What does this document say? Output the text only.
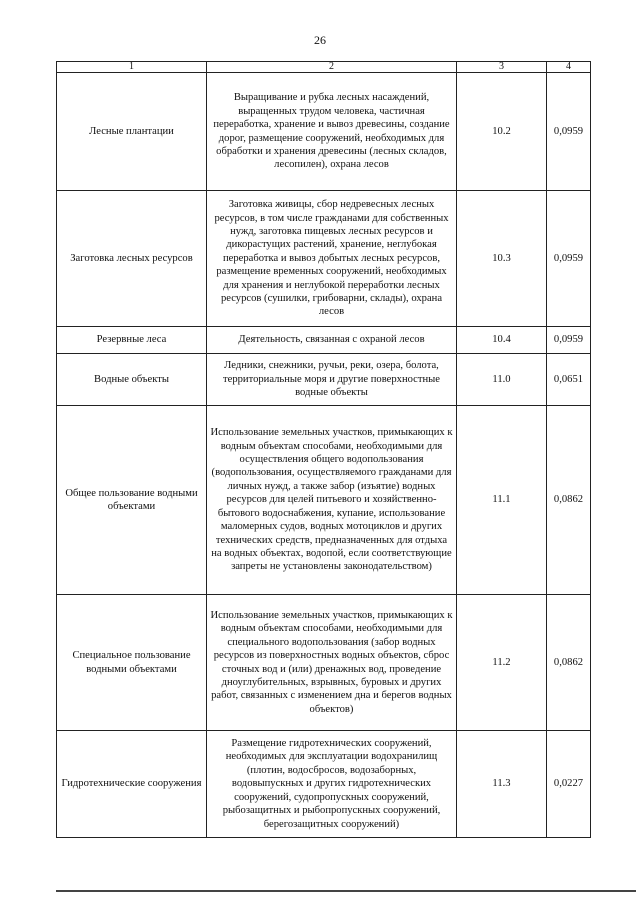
26
1	2	3	4
Лесные плантации	Выращивание и рубка лесных насаждений, выращенных трудом человека, частичная переработка, хранение и вывоз древесины, создание дорог, размещение сооружений, необходимых для обработки и хранения древесины (лесных складов, лесопилен), охрана лесов	10.2	0,0959
Заготовка лесных ресурсов	Заготовка живицы, сбор недревесных лесных ресурсов, в том числе гражданами для собственных нужд, заготовка пищевых лесных ресурсов и дикорастущих растений, хранение, неглубокая переработка и вывоз добытых лесных ресурсов, размещение временных сооружений, необходимых для хранения и неглубокой переработки лесных ресурсов (сушилки, грибоварни, склады), охрана лесов	10.3	0,0959
Резервные леса	Деятельность, связанная с охраной лесов	10.4	0,0959
Водные объекты	Ледники, снежники, ручьи, реки, озера, болота, территориальные моря и другие поверхностные водные объекты	11.0	0,0651
Общее пользование водными объектами	Использование земельных участков, примыкающих к водным объектам способами, необходимыми для осуществления общего водопользования (водопользования, осуществляемого гражданами для личных нужд, а также забор (изъятие) водных ресурсов для целей питьевого и хозяйственно-бытового водоснабжения, купание, использование маломерных судов, водных мотоциклов и других технических средств, предназначенных для отдыха на водных объектах, водопой, если соответствующие запреты не установлены законодательством)	11.1	0,0862
Специальное пользование водными объектами	Использование земельных участков, примыкающих к водным объектам способами, необходимыми для специального водопользования (забор водных ресурсов из поверхностных водных объектов, сброс сточных вод и (или) дренажных вод, проведение дноуглубительных, взрывных, буровых и других работ, связанных с изменением дна и берегов водных объектов)	11.2	0,0862
Гидротехнические сооружения	Размещение гидротехнических сооружений, необходимых для эксплуатации водохранилищ (плотин, водосбросов, водозаборных, водовыпускных и других гидротехнических сооружений, судопропускных сооружений, рыбозащитных и рыбопропускных сооружений, берегозащитных сооружений)	11.3	0,0227
